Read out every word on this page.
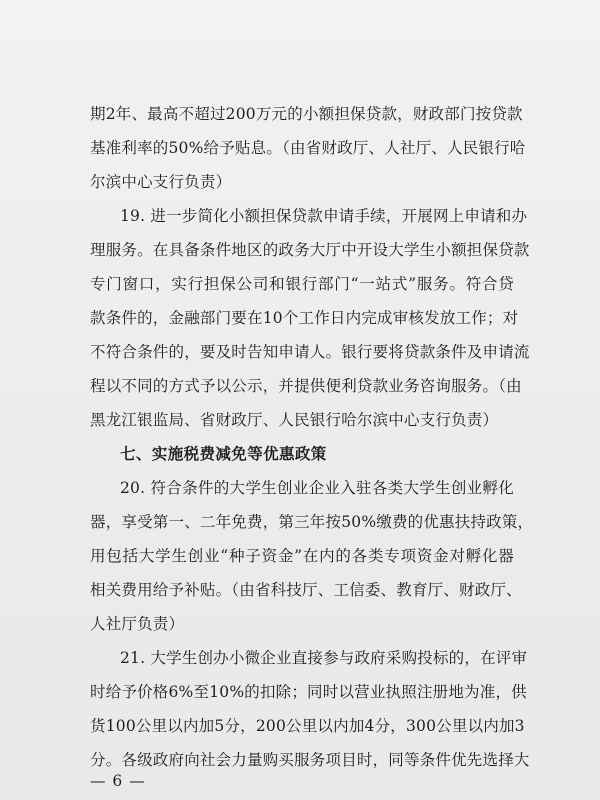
期2年、最高不超过200万元的小额担保贷款，财政部门按贷款
基准利率的50%给予贴息。（由省财政厅、人社厅、人民银行哈
尔滨中心支行负责）
19. 进一步简化小额担保贷款申请手续，开展网上申请和办
理服务。在具备条件地区的政务大厅中开设大学生小额担保贷款
专门窗口，实行担保公司和银行部门“一站式”服务。符合贷
款条件的，金融部门要在10个工作日内完成审核发放工作；对
不符合条件的，要及时告知申请人。银行要将贷款条件及申请流
程以不同的方式予以公示，并提供便利贷款业务咨询服务。（由
黑龙江银监局、省财政厅、人民银行哈尔滨中心支行负责）
七、实施税费减免等优惠政策
20. 符合条件的大学生创业企业入驻各类大学生创业孵化
器，享受第一、二年免费，第三年按50%缴费的优惠扶持政策，
用包括大学生创业“种子资金”在内的各类专项资金对孵化器
相关费用给予补贴。（由省科技厅、工信委、教育厅、财政厅、
人社厅负责）
21. 大学生创办小微企业直接参与政府采购投标的，在评审
时给予价格6%至10%的扣除；同时以营业执照注册地为准，供
货100公里以内加5分，200公里以内加4分，300公里以内加3
分。各级政府向社会力量购买服务项目时，同等条件优先选择大
— 6 —
